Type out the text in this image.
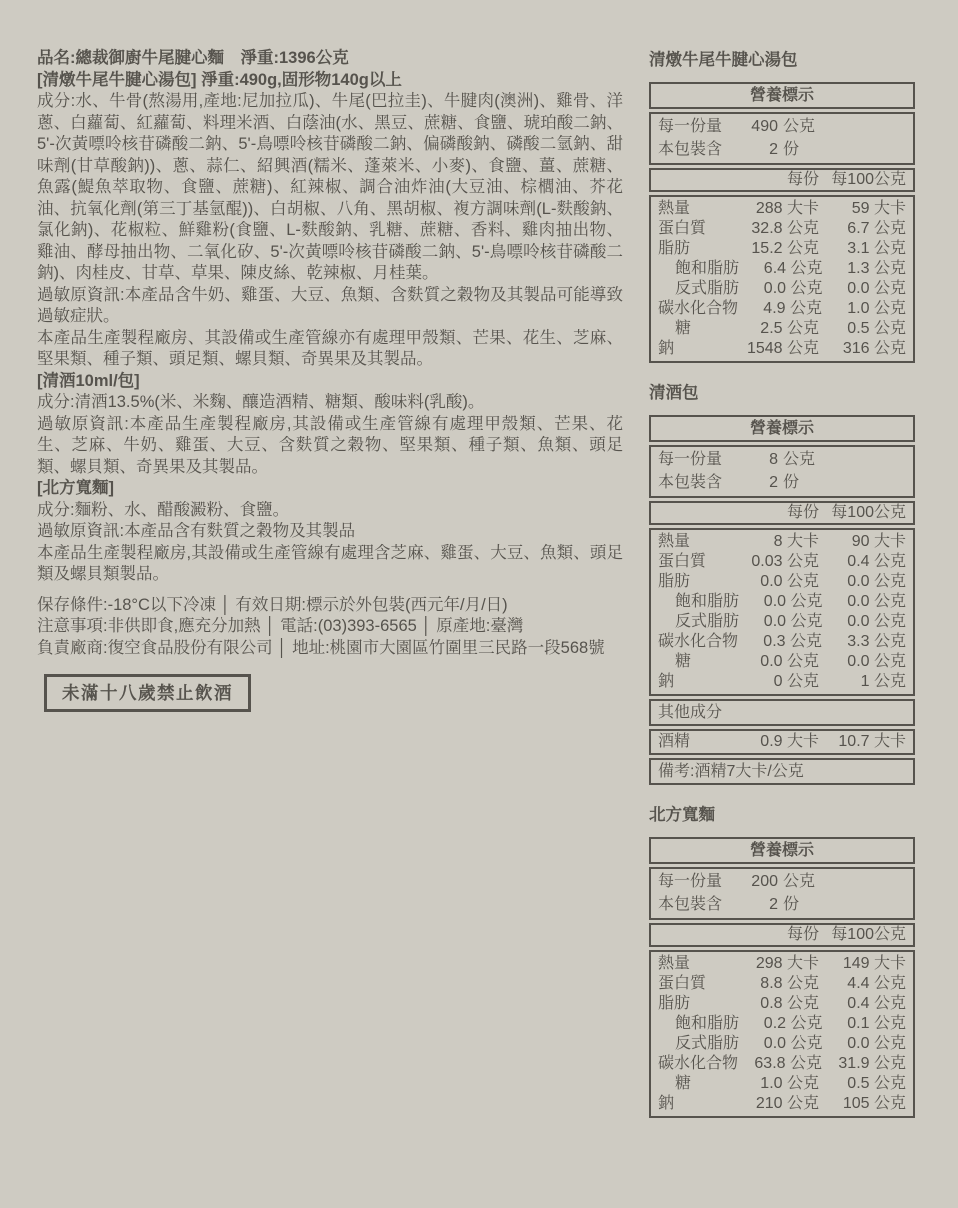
品名:總裁御廚牛尾腱心麵　淨重:1396公克

[清燉牛尾牛腱心湯包] 淨重:490g,固形物140g以上

成分:水、牛骨(熬湯用,產地:尼加拉瓜)、牛尾(巴拉圭)、牛腱肉(澳洲)、雞骨、洋蔥、白蘿蔔、紅蘿蔔、料理米酒、白蔭油(水、黑豆、蔗糖、食鹽、琥珀酸二鈉、5'-次黃嘌呤核苷磷酸二鈉、5'-鳥嘌呤核苷磷酸二鈉、偏磷酸鈉、磷酸二氫鈉、甜味劑(甘草酸鈉))、蔥、蒜仁、紹興酒(糯米、蓬萊米、小麥)、食鹽、薑、蔗糖、魚露(鯷魚萃取物、食鹽、蔗糖)、紅辣椒、調合油炸油(大豆油、棕櫚油、芥花油、抗氧化劑(第三丁基氫醌))、白胡椒、八角、黑胡椒、複方調味劑(L-麩酸鈉、氯化鈉)、花椒粒、鮮雞粉(食鹽、L-麩酸鈉、乳糖、蔗糖、香料、雞肉抽出物、雞油、酵母抽出物、二氧化矽、5'-次黃嘌呤核苷磷酸二鈉、5'-鳥嘌呤核苷磷酸二鈉)、肉桂皮、甘草、草果、陳皮絲、乾辣椒、月桂葉。

過敏原資訊:本產品含牛奶、雞蛋、大豆、魚類、含麩質之穀物及其製品可能導致過敏症狀。

本產品生產製程廠房、其設備或生產管線亦有處理甲殼類、芒果、花生、芝麻、堅果類、種子類、頭足類、螺貝類、奇異果及其製品。

[清酒10ml/包]

成分:清酒13.5%(米、米麴、釀造酒精、糖類、酸味料(乳酸)。

過敏原資訊:本產品生產製程廠房,其設備或生產管線有處理甲殼類、芒果、花生、芝麻、牛奶、雞蛋、大豆、含麩質之穀物、堅果類、種子類、魚類、頭足類、螺貝類、奇異果及其製品。

[北方寬麵]

成分:麵粉、水、醋酸澱粉、食鹽。

過敏原資訊:本產品含有麩質之穀物及其製品

本產品生產製程廠房,其設備或生產管線有處理含芝麻、雞蛋、大豆、魚類、頭足類及螺貝類製品。

保存條件:-18°C以下冷凍 │ 有效日期:標示於外包裝(西元年/月/日)

注意事項:非供即食,應充分加熱 │ 電話:(03)393-6565 │ 原產地:臺灣

負責廠商:復空食品股份有限公司 │ 地址:桃園市大園區竹圍里三民路一段568號

未滿十八歲禁止飲酒

清燉牛尾牛腱心湯包

營養標示
每一份量	490 公克
本包裝含	2 份
每份 每100公克
熱量	288 大卡	59 大卡
蛋白質	32.8 公克	6.7 公克
脂肪	15.2 公克	3.1 公克
飽和脂肪	6.4 公克	1.3 公克
反式脂肪	0.0 公克	0.0 公克
碳水化合物	4.9 公克	1.0 公克
糖	2.5 公克	0.5 公克
鈉	1548 公克	316 公克

清酒包

營養標示
每一份量	8 公克
本包裝含	2 份
每份 每100公克
熱量	8 大卡	90 大卡
蛋白質	0.03 公克	0.4 公克
脂肪	0.0 公克	0.0 公克
飽和脂肪	0.0 公克	0.0 公克
反式脂肪	0.0 公克	0.0 公克
碳水化合物	0.3 公克	3.3 公克
糖	0.0 公克	0.0 公克
鈉	0 公克	1 公克
其他成分
酒精	0.9 大卡	10.7 大卡
備考:酒精7大卡/公克

北方寬麵

營養標示
每一份量	200 公克
本包裝含	2 份
每份 每100公克
熱量	298 大卡	149 大卡
蛋白質	8.8 公克	4.4 公克
脂肪	0.8 公克	0.4 公克
飽和脂肪	0.2 公克	0.1 公克
反式脂肪	0.0 公克	0.0 公克
碳水化合物	63.8 公克	31.9 公克
糖	1.0 公克	0.5 公克
鈉	210 公克	105 公克
